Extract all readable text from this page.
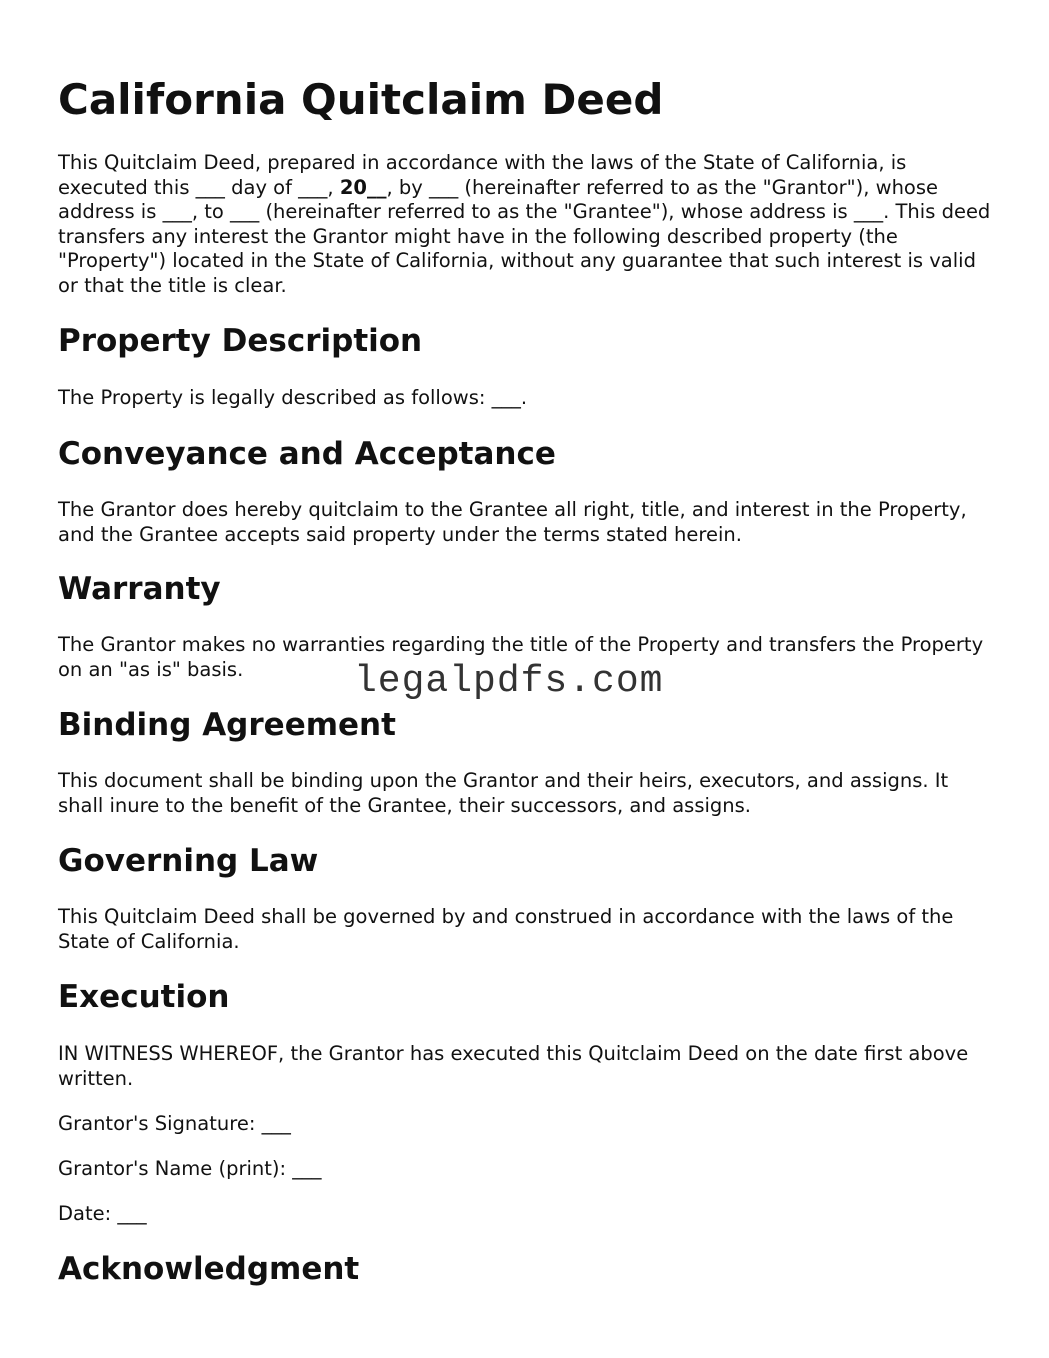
California Quitclaim Deed

This Quitclaim Deed, prepared in accordance with the laws of the State of California, is executed this ___ day of ___, 20__, by ___ (hereinafter referred to as the "Grantor"), whose address is ___, to ___ (hereinafter referred to as the "Grantee"), whose address is ___. This deed transfers any interest the Grantor might have in the following described property (the "Property") located in the State of California, without any guarantee that such interest is valid or that the title is clear.

Property Description

The Property is legally described as follows: ___.

Conveyance and Acceptance

The Grantor does hereby quitclaim to the Grantee all right, title, and interest in the Property, and the Grantee accepts said property under the terms stated herein.

Warranty

The Grantor makes no warranties regarding the title of the Property and transfers the Property on an "as is" basis.

Binding Agreement

This document shall be binding upon the Grantor and their heirs, executors, and assigns. It shall inure to the benefit of the Grantee, their successors, and assigns.

Governing Law

This Quitclaim Deed shall be governed by and construed in accordance with the laws of the State of California.

Execution

IN WITNESS WHEREOF, the Grantor has executed this Quitclaim Deed on the date first above written.

Grantor's Signature: ___

Grantor's Name (print): ___

Date: ___

Acknowledgment
legalpdfs.com
